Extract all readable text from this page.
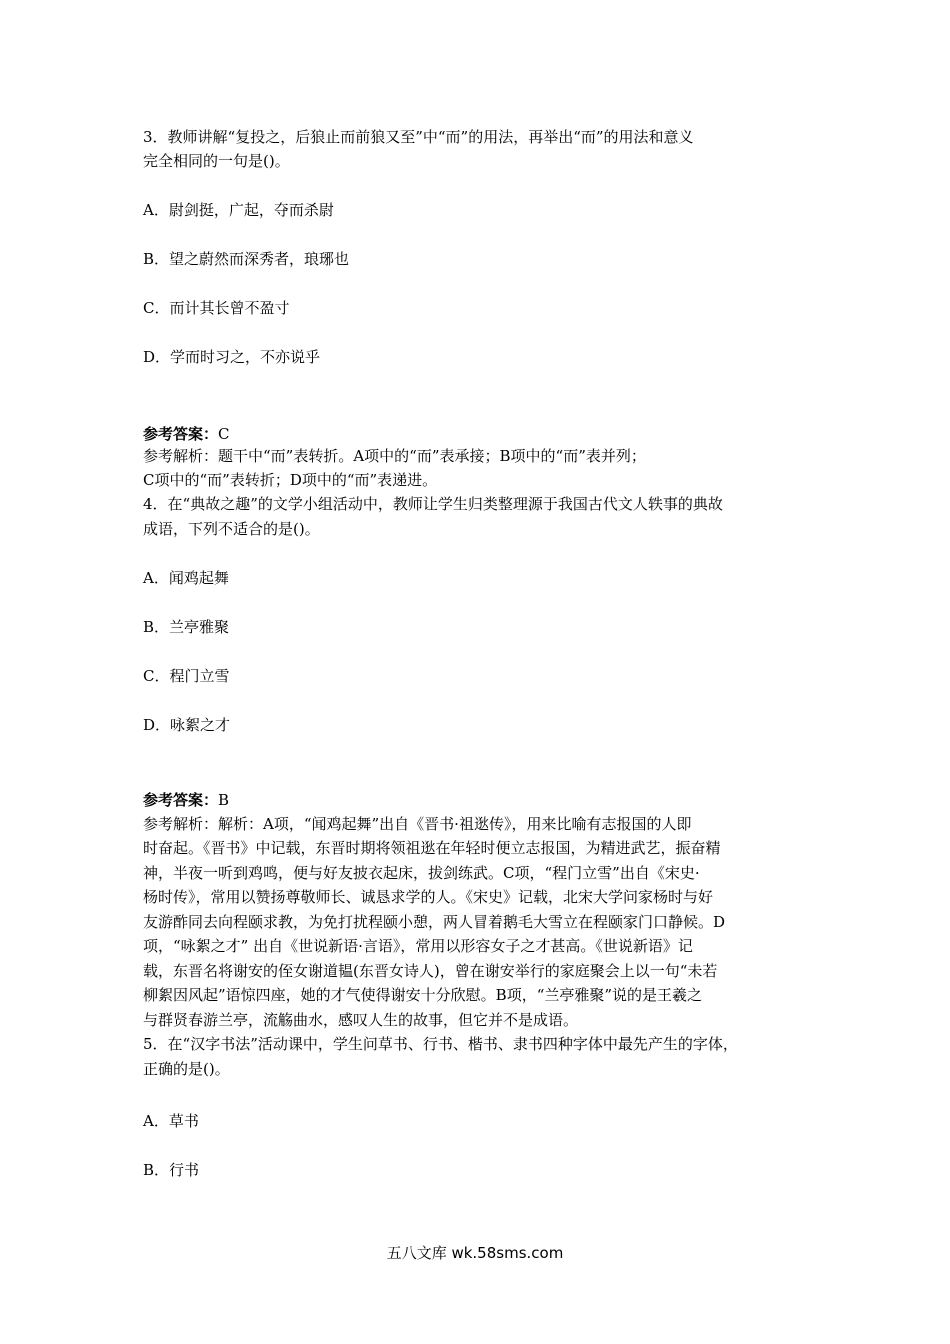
3．教师讲解“复投之，后狼止而前狼又至”中“而”的用法，再举出“而”的用法和意义
完全相同的一句是()。
A．尉剑挺，广起，夺而杀尉
B．望之蔚然而深秀者，琅琊也
C．而计其长曾不盈寸
D．学而时习之，不亦说乎
参考答案：C
参考解析：题干中“而”表转折。A项中的“而”表承接；B项中的“而”表并列；
C项中的“而”表转折；D项中的“而”表递进。
4．在“典故之趣”的文学小组活动中，教师让学生归类整理源于我国古代文人轶事的典故
成语，下列不适合的是()。
A．闻鸡起舞
B．兰亭雅聚
C．程门立雪
D．咏絮之才
参考答案：B
参考解析：解析：A项，“闻鸡起舞”出自《晋书·祖逖传》，用来比喻有志报国的人即
时奋起。《晋书》中记载，东晋时期将领祖逖在年轻时便立志报国，为精进武艺，振奋精
神，半夜一听到鸡鸣，便与好友披衣起床，拔剑练武。C项，“程门立雪”出自《宋史·
杨时传》，常用以赞扬尊敬师长、诚恳求学的人。《宋史》记载，北宋大学问家杨时与好
友游酢同去向程颐求教，为免打扰程颐小憩，两人冒着鹅毛大雪立在程颐家门口静候。D
项，“咏絮之才” 出自《世说新语·言语》，常用以形容女子之才甚高。《世说新语》记
载，东晋名将谢安的侄女谢道韫(东晋女诗人)，曾在谢安举行的家庭聚会上以一句“未若
柳絮因风起”语惊四座，她的才气使得谢安十分欣慰。B项，“兰亭雅聚”说的是王羲之
与群贤春游兰亭，流觞曲水，感叹人生的故事，但它并不是成语。
5．在“汉字书法”活动课中，学生问草书、行书、楷书、隶书四种字体中最先产生的字体，
正确的是()。
A．草书
B．行书
五八文库 wk.58sms.com
